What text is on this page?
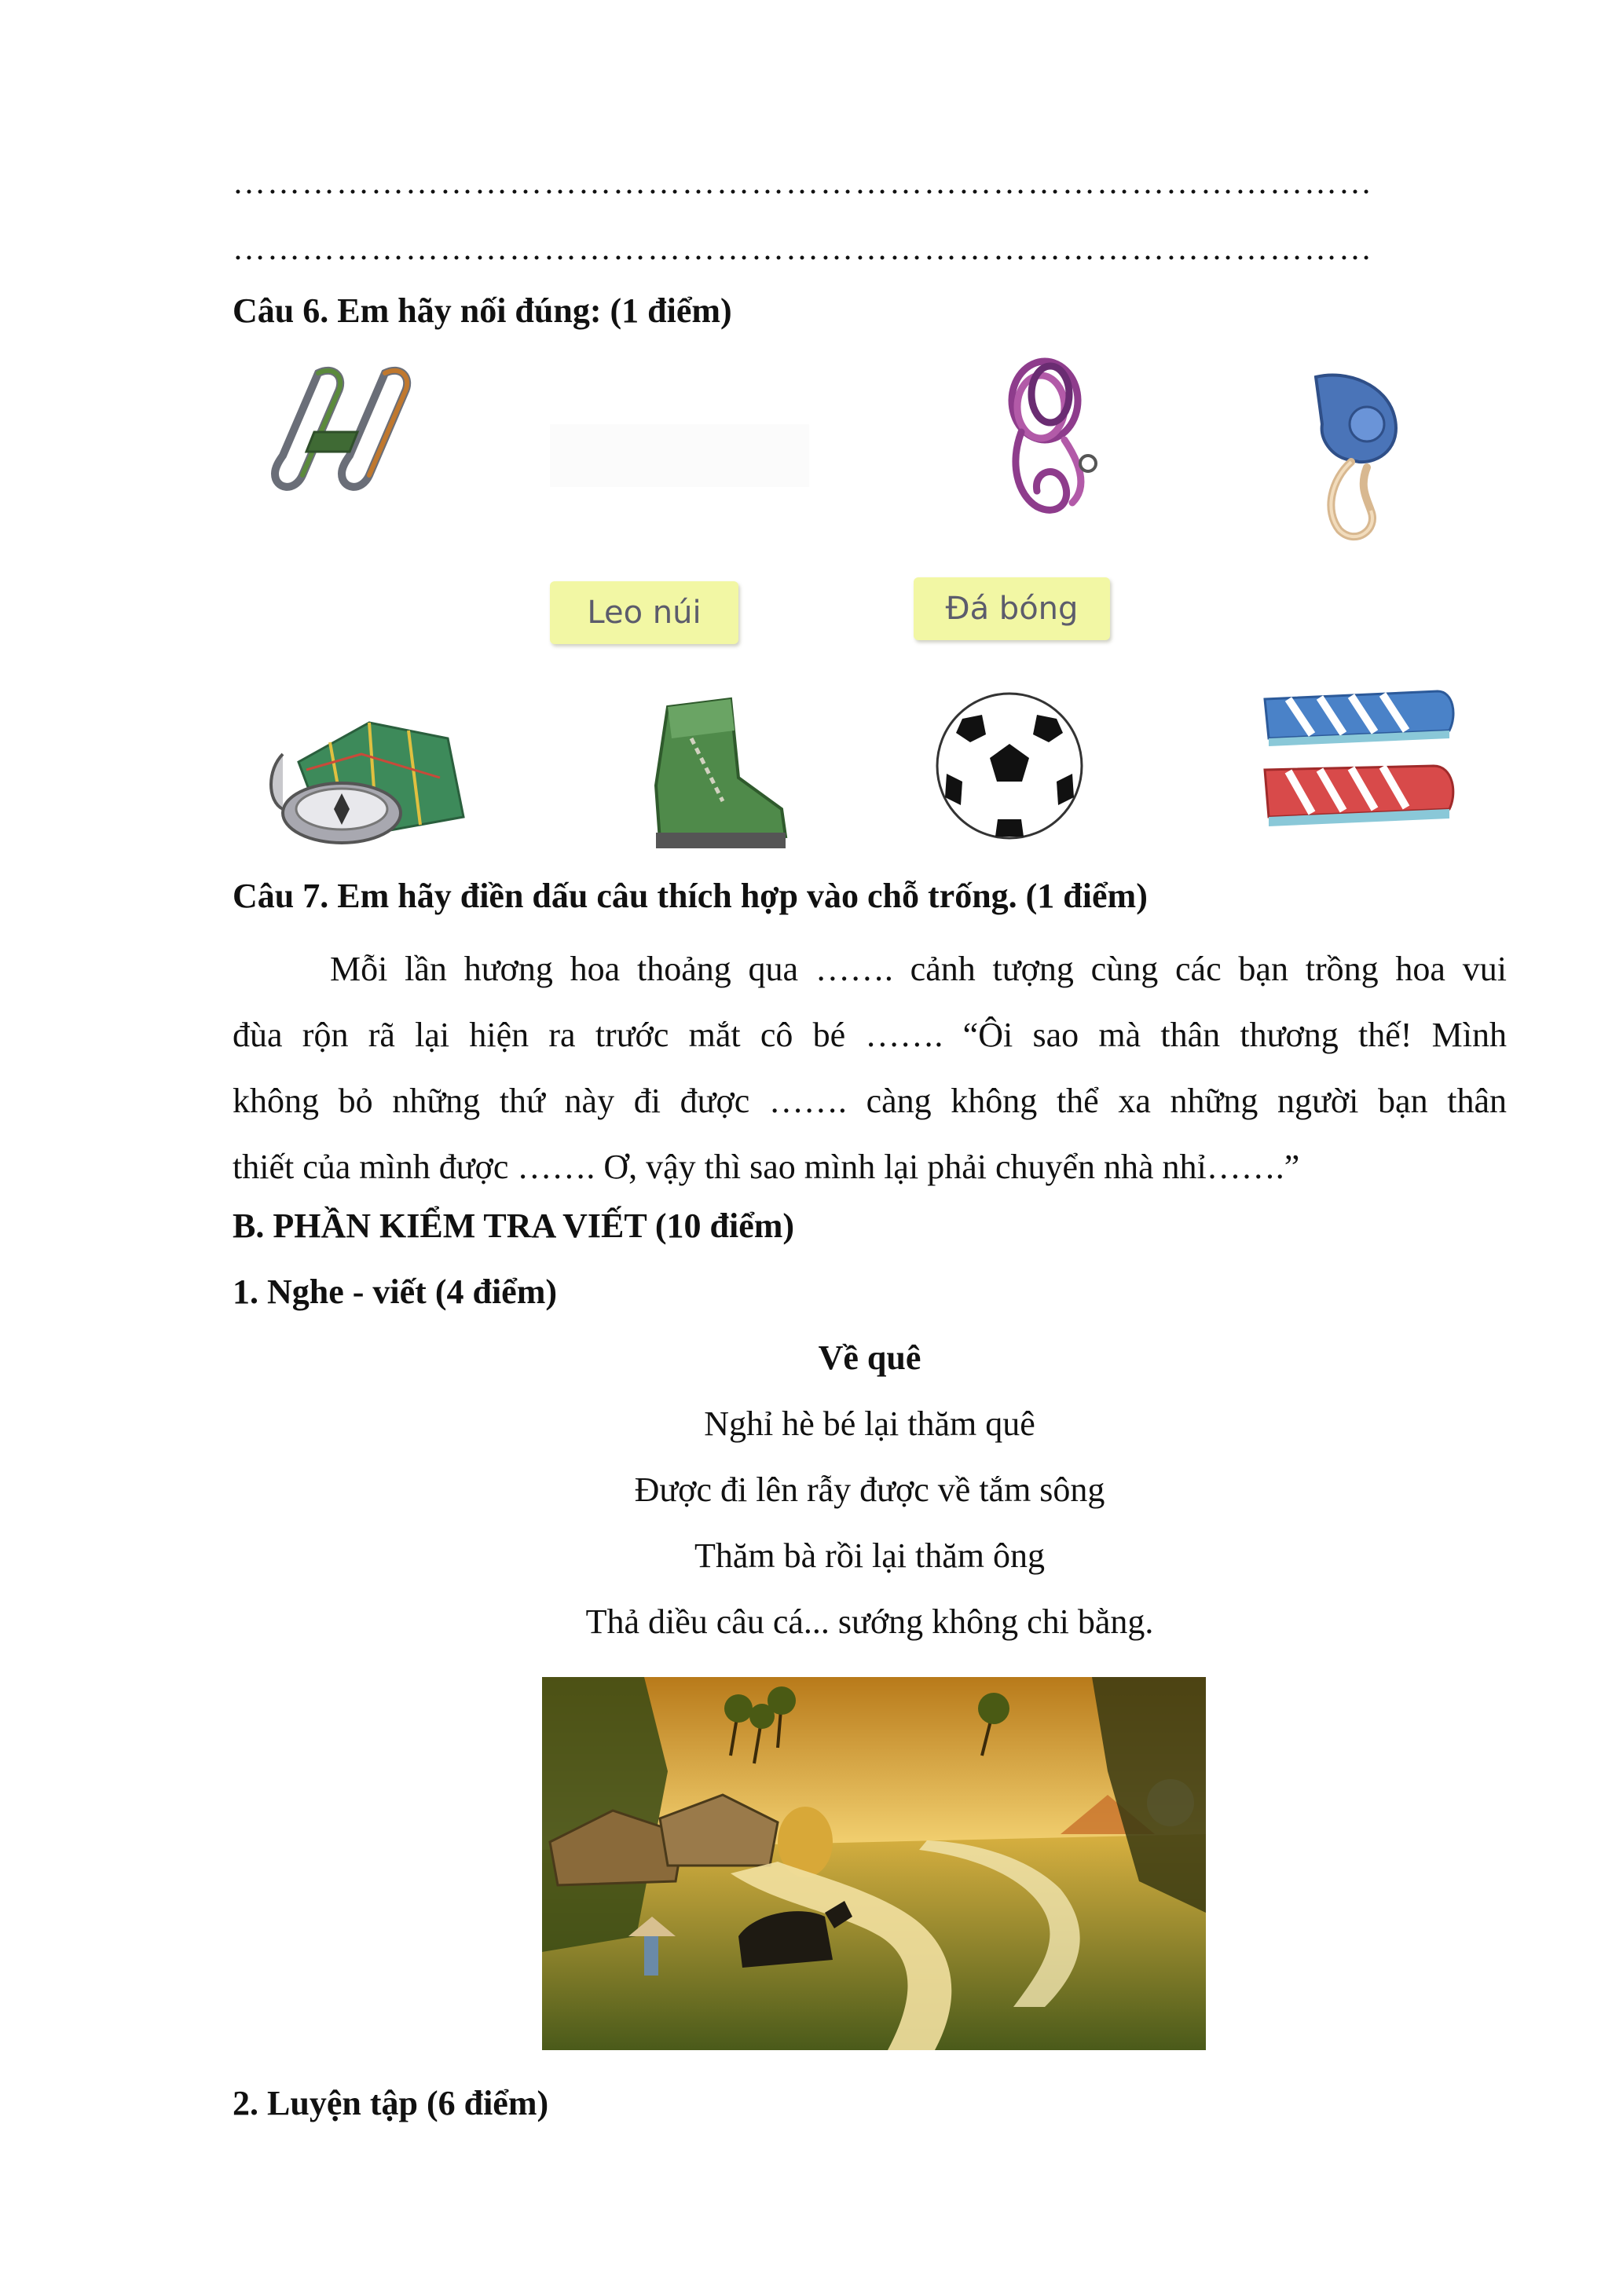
………………………………………………………………………………………
………………………………………………………………………………………
Câu 6. Em hãy nối đúng: (1 điểm)
Leo núi	Đá bóng
Câu 7. Em hãy điền dấu câu thích hợp vào chỗ trống. (1 điểm)
Mỗi lần hương hoa thoảng qua ……. cảnh tượng cùng các bạn trồng hoa vui
đùa rộn rã lại hiện ra trước mắt cô bé ……. “Ôi sao mà thân thương thế! Mình
không bỏ những thứ này đi được ……. càng không thể xa những người bạn thân
thiết của mình được ……. Ơ, vậy thì sao mình lại phải chuyển nhà nhỉ…….”
B. PHẦN KIỂM TRA VIẾT (10 điểm)
1. Nghe - viết (4 điểm)
Về quê
Nghỉ hè bé lại thăm quê
Được đi lên rẫy được về tắm sông
Thăm bà rồi lại thăm ông
Thả diều câu cá... sướng không chi bằng.
2. Luyện tập (6 điểm)
